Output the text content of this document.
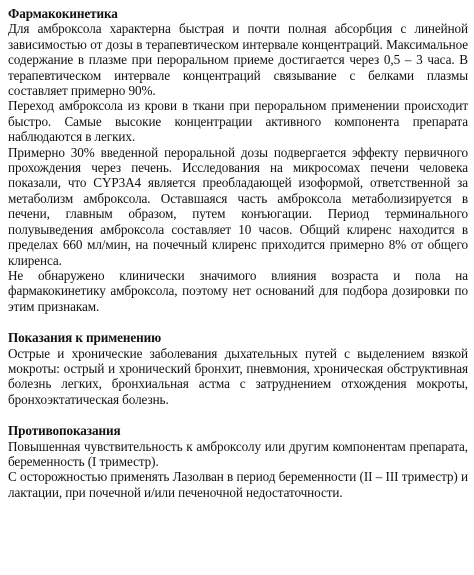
Фармакокинетика

Для амброксола характерна быстрая и почти полная абсорбция с линейной зависимостью от дозы в терапевтическом интервале концентраций. Максимальное содержание в плазме при пероральном приеме достигается через 0,5 – 3 часа. В терапевтическом интервале концентраций связывание с белками плазмы составляет примерно 90%.

Переход амброксола из крови в ткани при пероральном применении происходит быстро. Самые высокие концентрации активного компонента препарата наблюдаются в легких.

Примерно 30% введенной пероральной дозы подвергается эффекту первичного прохождения через печень. Исследования на микросомах печени человека показали, что CYP3A4 является преобладающей изоформой, ответственной за метаболизм амброксола. Оставшаяся часть амброксола метаболизируется в печени, главным образом, путем конъюгации. Период терминального полувыведения амброксола составляет 10 часов. Общий клиренс находится в пределах 660 мл/мин, на почечный клиренс приходится примерно 8% от общего клиренса.

Не обнаружено клинически значимого влияния возраста и пола на фармакокинетику амброксола, поэтому нет оснований для подбора дозировки по этим признакам.

Показания к применению

Острые и хронические заболевания дыхательных путей с выделением вязкой мокроты: острый и хронический бронхит, пневмония, хроническая обструктивная болезнь легких, бронхиальная астма с затруднением отхождения мокроты, бронхоэктатическая болезнь.

Противопоказания

Повышенная чувствительность к амброксолу или другим компонентам препарата, беременность (I триместр).

С осторожностью применять Лазолван в период беременности (II – III триместр) и лактации, при почечной и/или печеночной недостаточности.
